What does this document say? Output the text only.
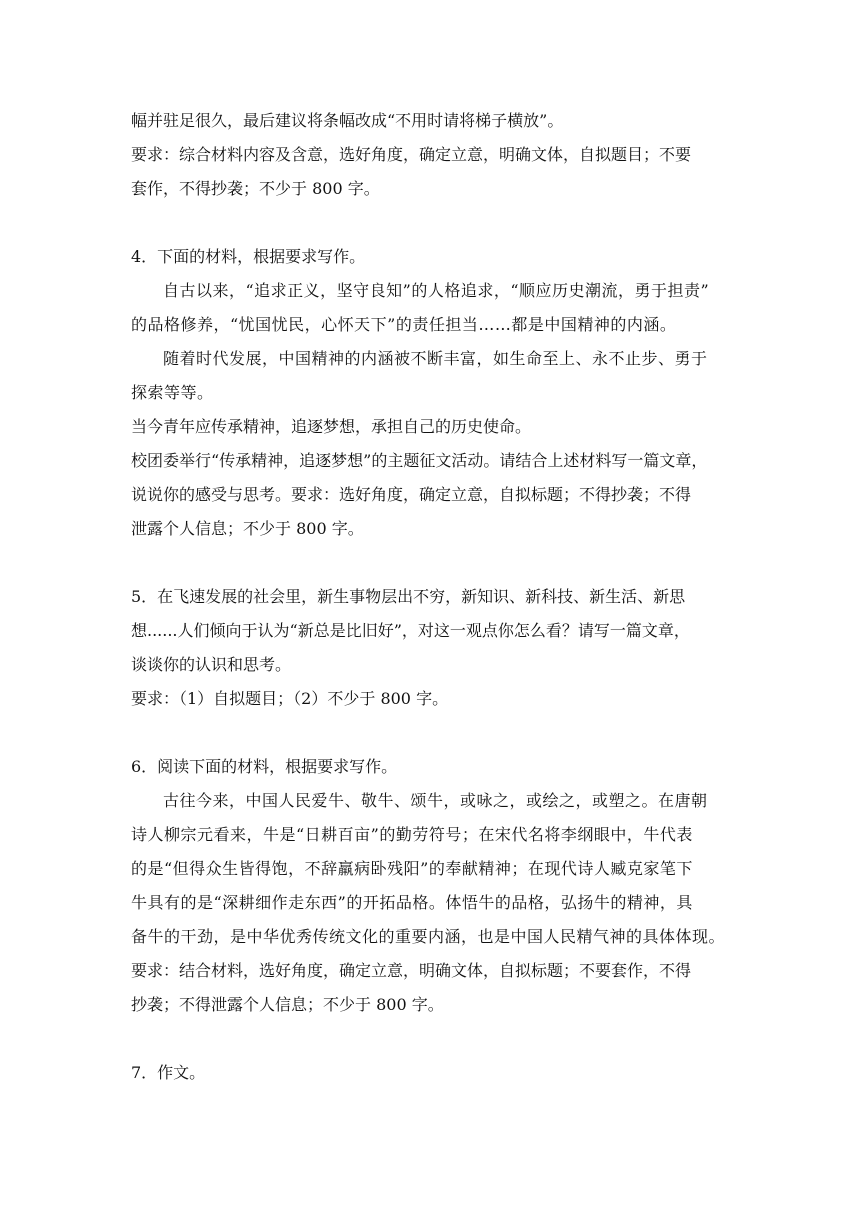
幅并驻足很久，最后建议将条幅改成“不用时请将梯子横放”。
要求：综合材料内容及含意，选好角度，确定立意，明确文体，自拟题目；不要
套作，不得抄袭；不少于 800 字。
4．下面的材料，根据要求写作。
自古以来，“追求正义，坚守良知”的人格追求，“顺应历史潮流，勇于担责”
的品格修养，“忧国忧民，心怀天下”的责任担当……都是中国精神的内涵。
随着时代发展，中国精神的内涵被不断丰富，如生命至上、永不止步、勇于
探索等等。
当今青年应传承精神，追逐梦想，承担自己的历史使命。
校团委举行“传承精神，追逐梦想”的主题征文活动。请结合上述材料写一篇文章，
说说你的感受与思考。要求：选好角度，确定立意，自拟标题；不得抄袭；不得
泄露个人信息；不少于 800 字。
5．在飞速发展的社会里，新生事物层出不穷，新知识、新科技、新生活、新思
想......人们倾向于认为“新总是比旧好”，对这一观点你怎么看？请写一篇文章，
谈谈你的认识和思考。
要求：（1）自拟题目；（2）不少于 800 字。
6．阅读下面的材料，根据要求写作。
古往今来，中国人民爱牛、敬牛、颂牛，或咏之，或绘之，或塑之。在唐朝
诗人柳宗元看来，牛是“日耕百亩”的勤劳符号；在宋代名将李纲眼中，牛代表
的是“但得众生皆得饱，不辞羸病卧残阳”的奉献精神；在现代诗人臧克家笔下
牛具有的是“深耕细作走东西”的开拓品格。体悟牛的品格，弘扬牛的精神，具
备牛的干劲，是中华优秀传统文化的重要内涵，也是中国人民精气神的具体体现。
要求：结合材料，选好角度，确定立意，明确文体，自拟标题；不要套作，不得
抄袭；不得泄露个人信息；不少于 800 字。
7．作文。
